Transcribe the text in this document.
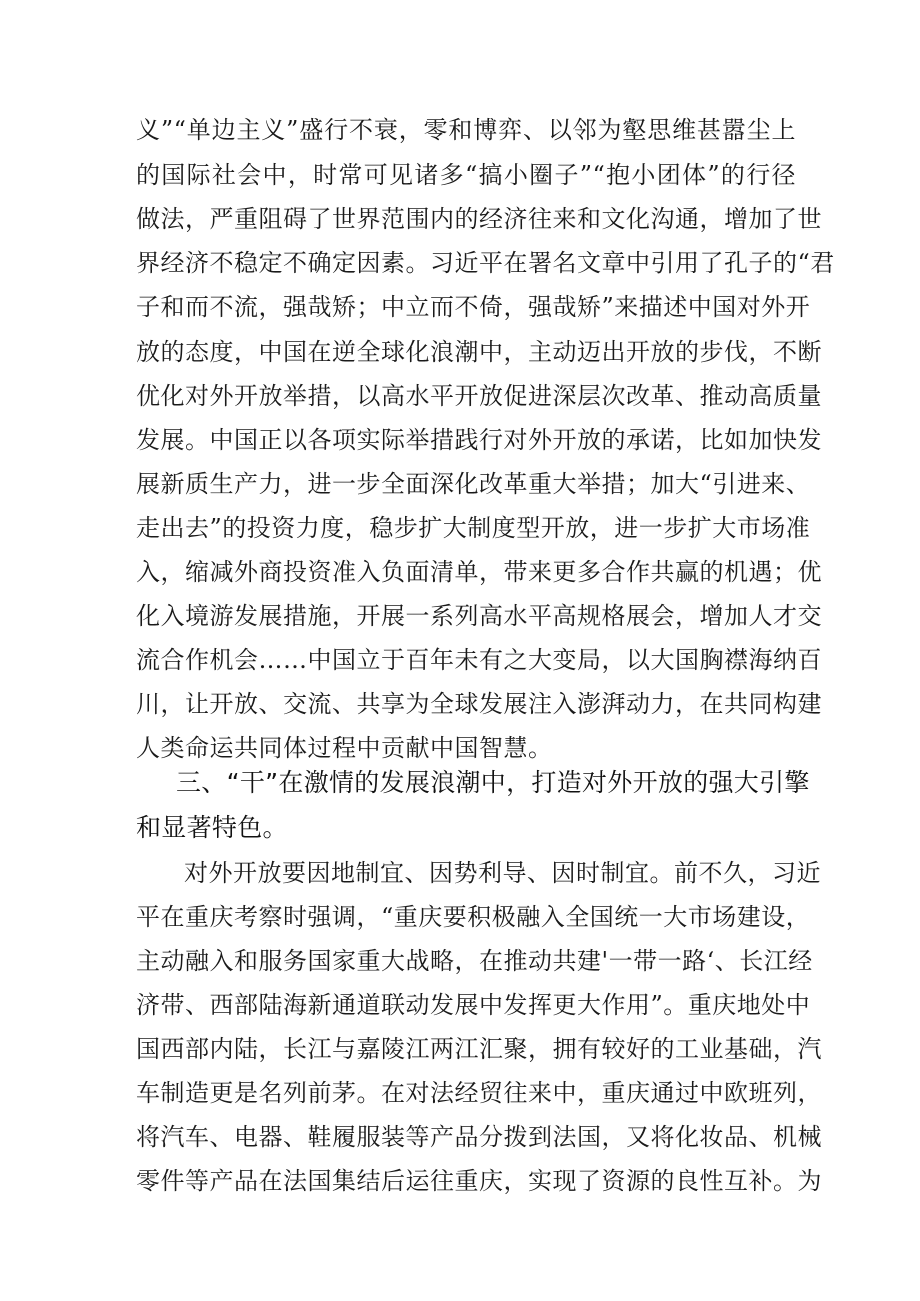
义”“单边主义”盛行不衰，零和博弈、以邻为壑思维甚嚣尘上
的国际社会中，时常可见诸多“搞小圈子”“抱小团体”的行径
做法，严重阻碍了世界范围内的经济往来和文化沟通，增加了世
界经济不稳定不确定因素。习近平在署名文章中引用了孔子的“君
子和而不流，强哉矫；中立而不倚，强哉矫”来描述中国对外开
放的态度，中国在逆全球化浪潮中，主动迈出开放的步伐，不断
优化对外开放举措，以高水平开放促进深层次改革、推动高质量
发展。中国正以各项实际举措践行对外开放的承诺，比如加快发
展新质生产力，进一步全面深化改革重大举措；加大“引进来、
走出去”的投资力度，稳步扩大制度型开放，进一步扩大市场准
入，缩减外商投资准入负面清单，带来更多合作共赢的机遇；优
化入境游发展措施，开展一系列高水平高规格展会，增加人才交
流合作机会……中国立于百年未有之大变局，以大国胸襟海纳百
川，让开放、交流、共享为全球发展注入澎湃动力，在共同构建
人类命运共同体过程中贡献中国智慧。
三、“干”在激情的发展浪潮中，打造对外开放的强大引擎
和显著特色。
对外开放要因地制宜、因势利导、因时制宜。前不久，习近
平在重庆考察时强调，“重庆要积极融入全国统一大市场建设，
主动融入和服务国家重大战略，在推动共建'一带一路‘、长江经
济带、西部陆海新通道联动发展中发挥更大作用”。重庆地处中
国西部内陆，长江与嘉陵江两江汇聚，拥有较好的工业基础，汽
车制造更是名列前茅。在对法经贸往来中，重庆通过中欧班列，
将汽车、电器、鞋履服装等产品分拨到法国，又将化妆品、机械
零件等产品在法国集结后运往重庆，实现了资源的良性互补。为
